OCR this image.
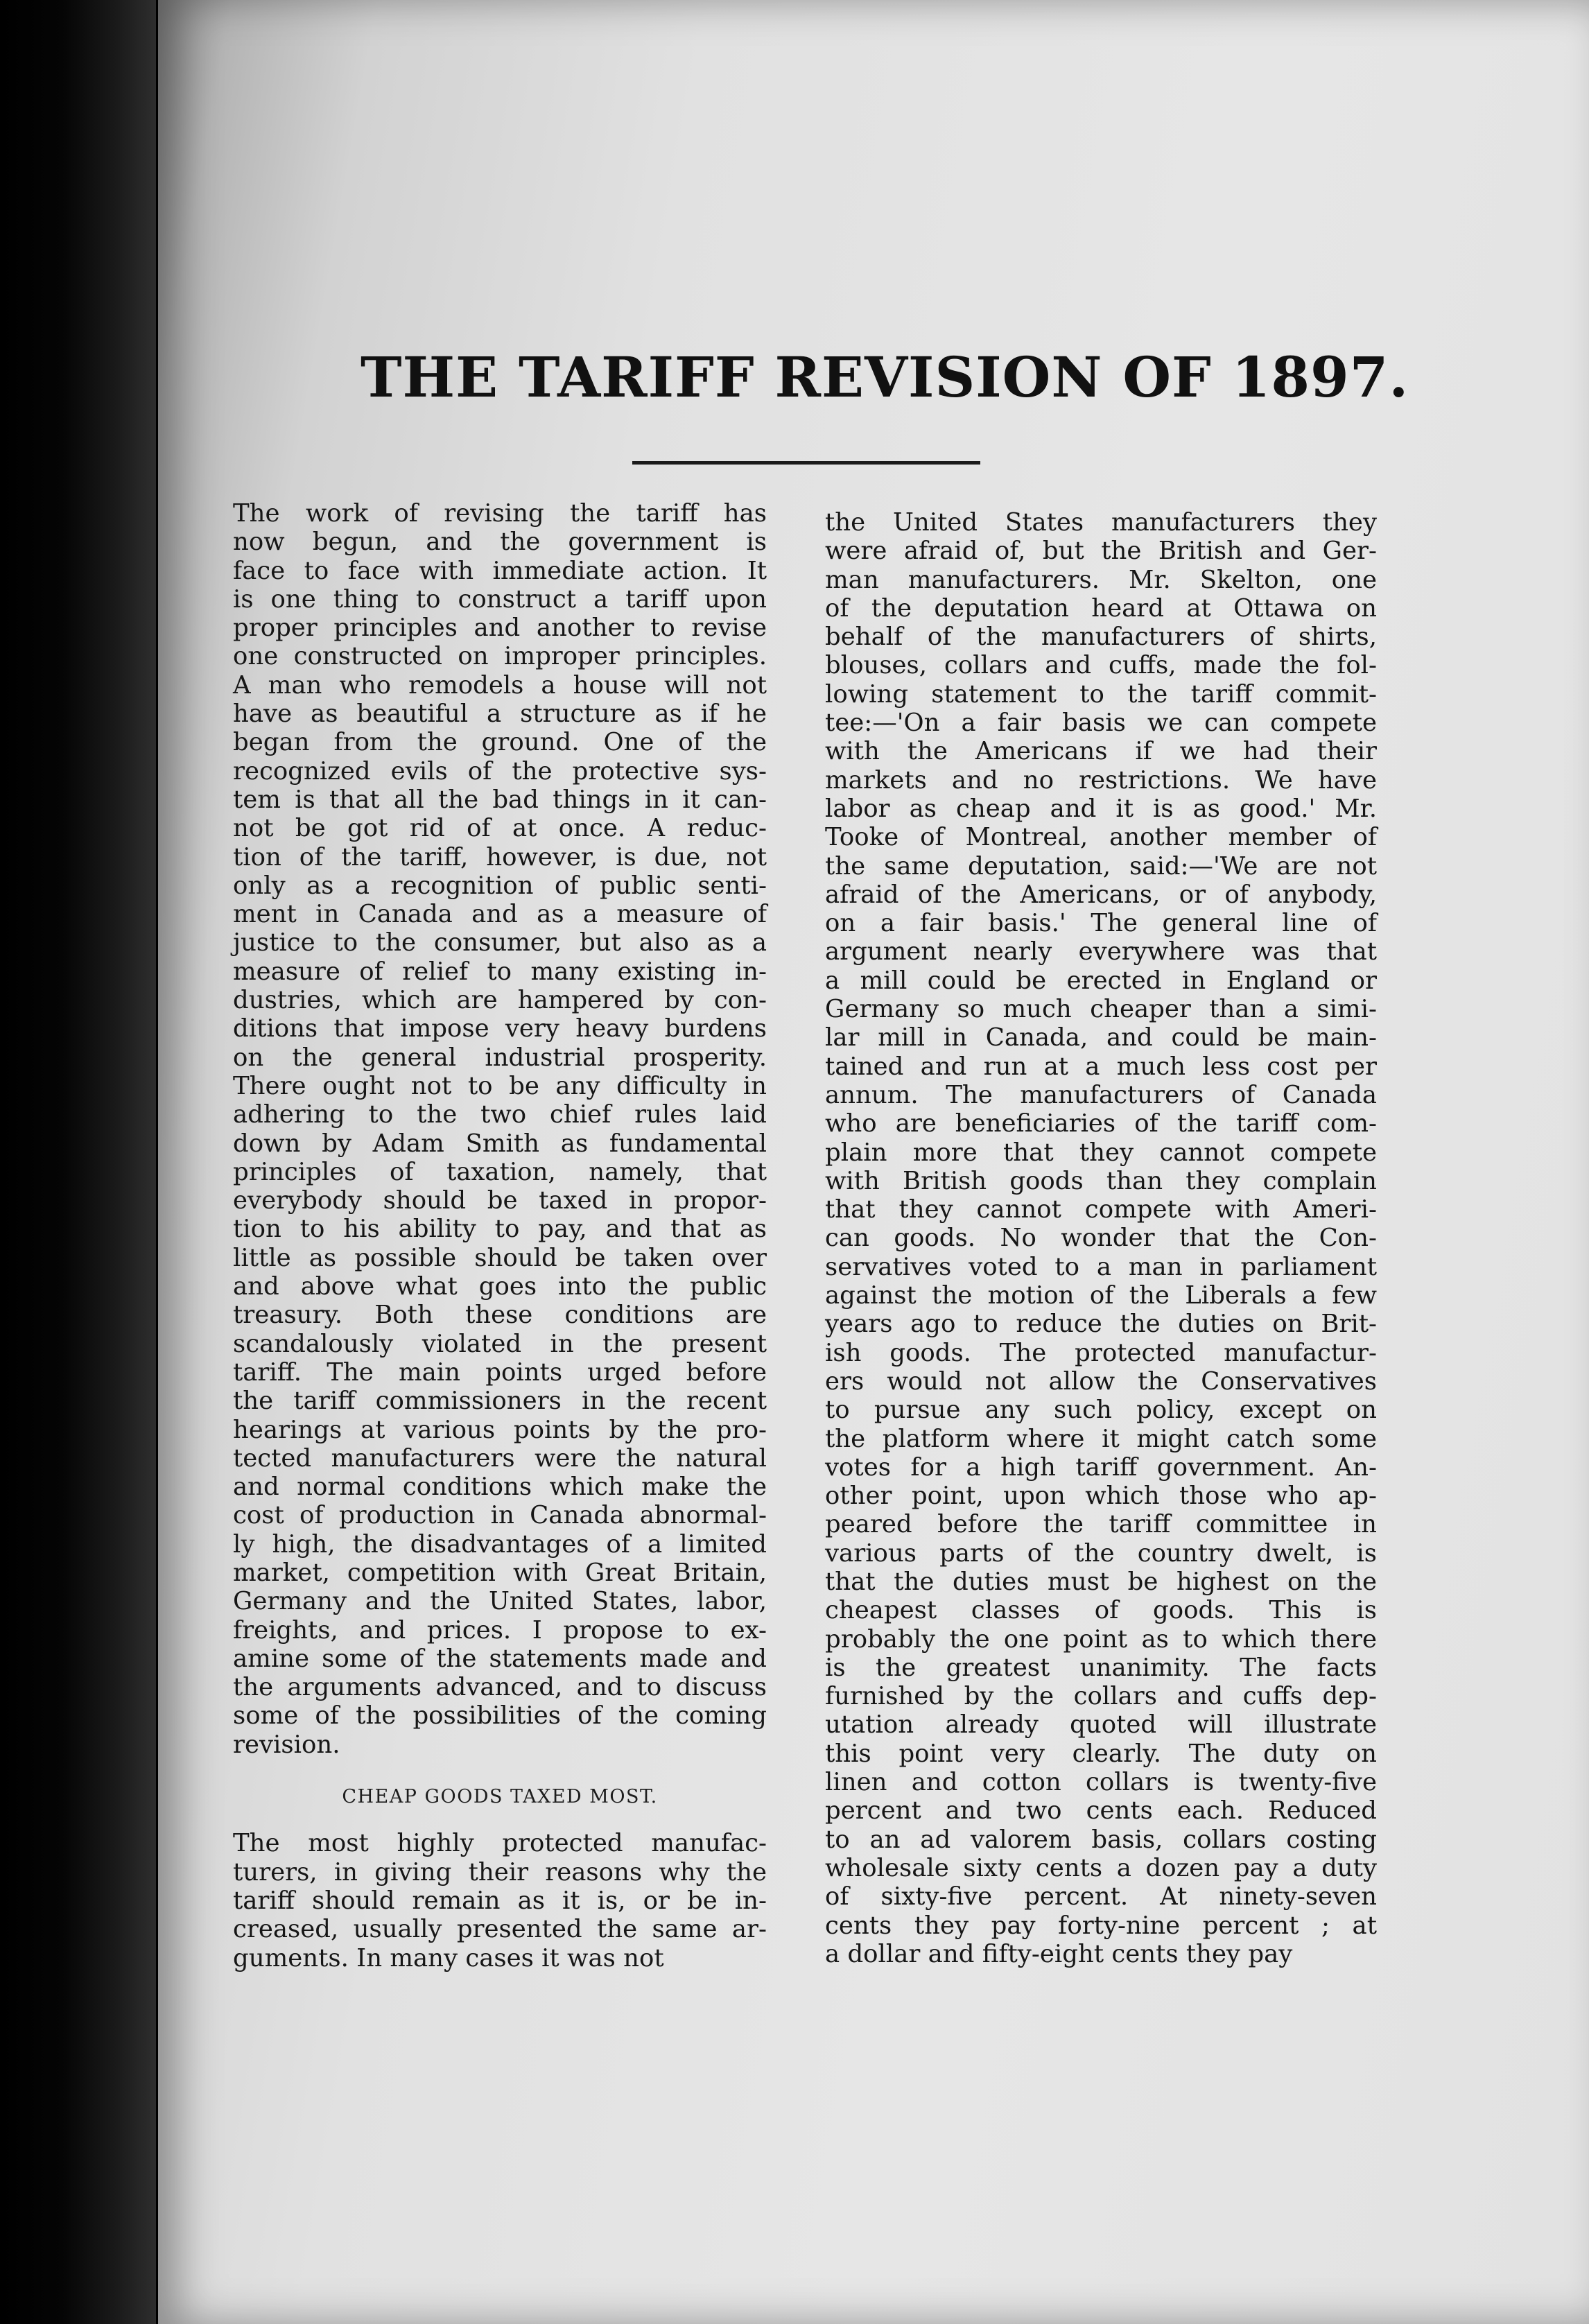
THE TARIFF REVISION OF 1897.
The work of revising the tariff has
now begun, and the government is
face to face with immediate action. It
is one thing to construct a tariff upon
proper principles and another to revise
one constructed on improper principles.
A man who remodels a house will not
have as beautiful a structure as if he
began from the ground. One of the
recognized evils of the protective sys-
tem is that all the bad things in it can-
not be got rid of at once. A reduc-
tion of the tariff, however, is due, not
only as a recognition of public senti-
ment in Canada and as a measure of
justice to the consumer, but also as a
measure of relief to many existing in-
dustries, which are hampered by con-
ditions that impose very heavy burdens
on the general industrial prosperity.
There ought not to be any difficulty in
adhering to the two chief rules laid
down by Adam Smith as fundamental
principles of taxation, namely, that
everybody should be taxed in propor-
tion to his ability to pay, and that as
little as possible should be taken over
and above what goes into the public
treasury. Both these conditions are
scandalously violated in the present
tariff. The main points urged before
the tariff commissioners in the recent
hearings at various points by the pro-
tected manufacturers were the natural
and normal conditions which make the
cost of production in Canada abnormal-
ly high, the disadvantages of a limited
market, competition with Great Britain,
Germany and the United States, labor,
freights, and prices. I propose to ex-
amine some of the statements made and
the arguments advanced, and to discuss
some of the possibilities of the coming
revision.
CHEAP GOODS TAXED MOST.
The most highly protected manufac-
turers, in giving their reasons why the
tariff should remain as it is, or be in-
creased, usually presented the same ar-
guments. In many cases it was not
the United States manufacturers they
were afraid of, but the British and Ger-
man manufacturers. Mr. Skelton, one
of the deputation heard at Ottawa on
behalf of the manufacturers of shirts,
blouses, collars and cuffs, made the fol-
lowing statement to the tariff commit-
tee:—'On a fair basis we can compete
with the Americans if we had their
markets and no restrictions. We have
labor as cheap and it is as good.' Mr.
Tooke of Montreal, another member of
the same deputation, said:—'We are not
afraid of the Americans, or of anybody,
on a fair basis.' The general line of
argument nearly everywhere was that
a mill could be erected in England or
Germany so much cheaper than a simi-
lar mill in Canada, and could be main-
tained and run at a much less cost per
annum. The manufacturers of Canada
who are beneficiaries of the tariff com-
plain more that they cannot compete
with British goods than they complain
that they cannot compete with Ameri-
can goods. No wonder that the Con-
servatives voted to a man in parliament
against the motion of the Liberals a few
years ago to reduce the duties on Brit-
ish goods. The protected manufactur-
ers would not allow the Conservatives
to pursue any such policy, except on
the platform where it might catch some
votes for a high tariff government. An-
other point, upon which those who ap-
peared before the tariff committee in
various parts of the country dwelt, is
that the duties must be highest on the
cheapest classes of goods. This is
probably the one point as to which there
is the greatest unanimity. The facts
furnished by the collars and cuffs dep-
utation already quoted will illustrate
this point very clearly. The duty on
linen and cotton collars is twenty-five
percent and two cents each. Reduced
to an ad valorem basis, collars costing
wholesale sixty cents a dozen pay a duty
of sixty-five percent. At ninety-seven
cents they pay forty-nine percent ; at
a dollar and fifty-eight cents they pay
